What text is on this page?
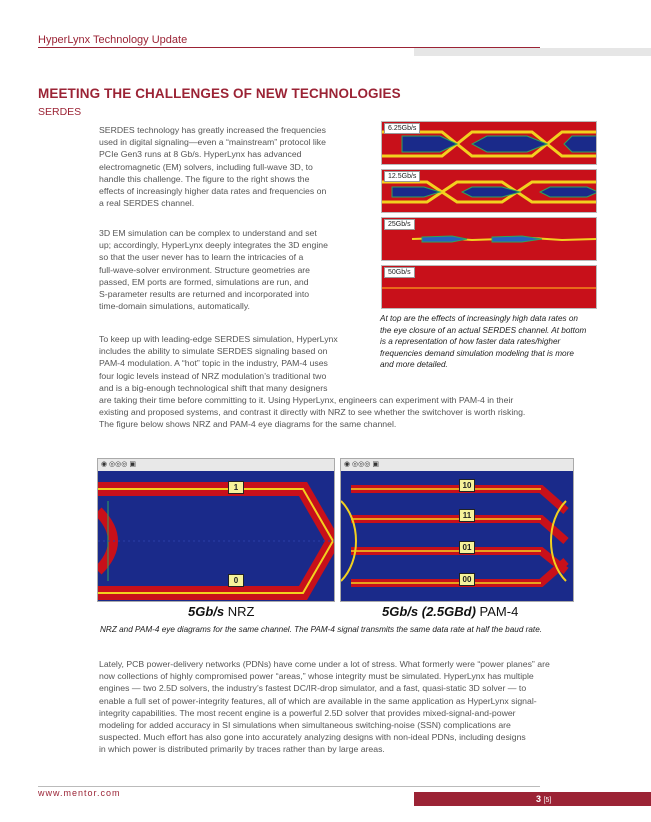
HyperLynx Technology Update
MEETING THE CHALLENGES OF NEW TECHNOLOGIES
SERDES

SERDES technology has greatly increased the frequencies

used in digital signaling—even a “mainstream” protocol like

PCIe Gen3 runs at 8 Gb/s. HyperLynx has advanced

electromagnetic (EM) solvers, including full-wave 3D, to

handle this challenge. The figure to the right shows the

effects of increasingly higher data rates and frequencies on

a real SERDES channel.

3D EM simulation can be complex to understand and set

up; accordingly, HyperLynx deeply integrates the 3D engine

so that the user never has to learn the intricacies of a

full-wave-solver environment. Structure geometries are

passed, EM ports are formed, simulations are run, and

S-parameter results are returned and incorporated into

time-domain simulations, automatically.

To keep up with leading-edge SERDES simulation, HyperLynx

includes the ability to simulate SERDES signaling based on

PAM-4 modulation. A “hot” topic in the industry, PAM-4 uses

four logic levels instead of NRZ modulation’s traditional two

and is a big-enough technological shift that many designers

are taking their time before committing to it. Using HyperLynx, engineers can experiment with PAM-4 in their

existing and proposed systems, and contrast it directly with NRZ to see whether the switchover is worth risking.

The figure below shows NRZ and PAM-4 eye diagrams for the same channel.

6.25Gb/s
12.5Gb/s
25Gb/s
50Gb/s
At top are the effects of increasingly high data rates on
the eye closure of an actual SERDES channel. At bottom
is a representation of how faster data rates/higher
frequencies demand simulation modeling that is more
and more detailed.
◉ ◎◎◎ ▣
1
0
◉ ◎◎◎ ▣
10
11
01
00
5Gb/s NRZ	5Gb/s (2.5GBd) PAM-4
NRZ and PAM-4 eye diagrams for the same channel. The PAM-4 signal transmits the same data rate at half the baud rate.

Lately, PCB power-delivery networks (PDNs) have come under a lot of stress. What formerly were “power planes” are

now collections of highly compromised power “areas,” whose integrity must be simulated. HyperLynx has multiple

engines — two 2.5D solvers, the industry’s fastest DC/IR-drop simulator, and a fast, quasi-static 3D solver — to

enable a full set of power-integrity features, all of which are available in the same application as HyperLynx signal-

integrity capabilities. The most recent engine is a powerful 2.5D solver that provides mixed-signal-and-power

modeling for added accuracy in SI simulations when simultaneous switching-noise (SSN) complications are

suspected. Much effort has also gone into accurately analyzing designs with non-ideal PDNs, including designs

in which power is distributed primarily by traces rather than by large areas.

www.mentor.com
3 [5]
